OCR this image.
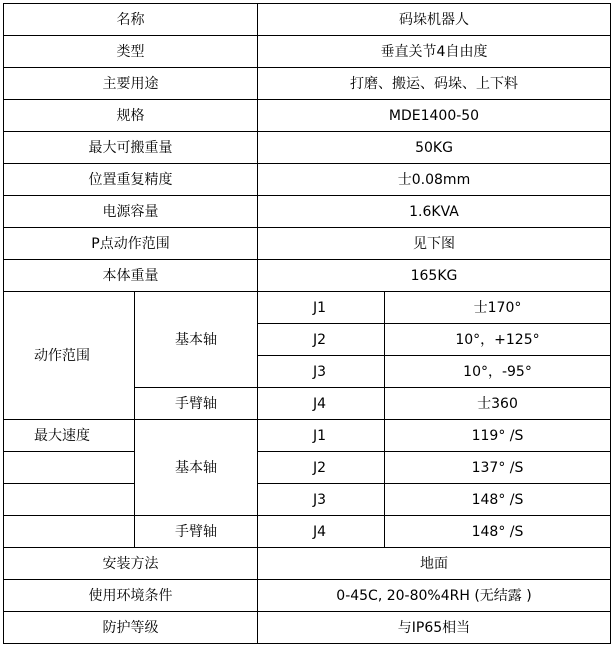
名称		码垛机器人	
类型		垂直关节4自由度	
主要用途		打磨、搬运、码垛、上下料	
规格		MDE1400-50	
最大可搬重量		50KG	
位置重复精度		士0.08mm	
电源容量		1.6KVA	
P点动作范围		见下图	
本体重量		165KG	
动作范围	基本轴	J1	士170°
		J2	10°，+125°
		J3	10°，-95°
	手臂轴	J4	士360
最大速度	基本轴	J1	119° /S
		J2	137° /S
		J3	148° /S
	手臂轴	J4	148° /S
安装方法		地面	
使用环境条件		0-45C, 20-80%4RH (无结露 )	
防护等级		与IP65相当	
